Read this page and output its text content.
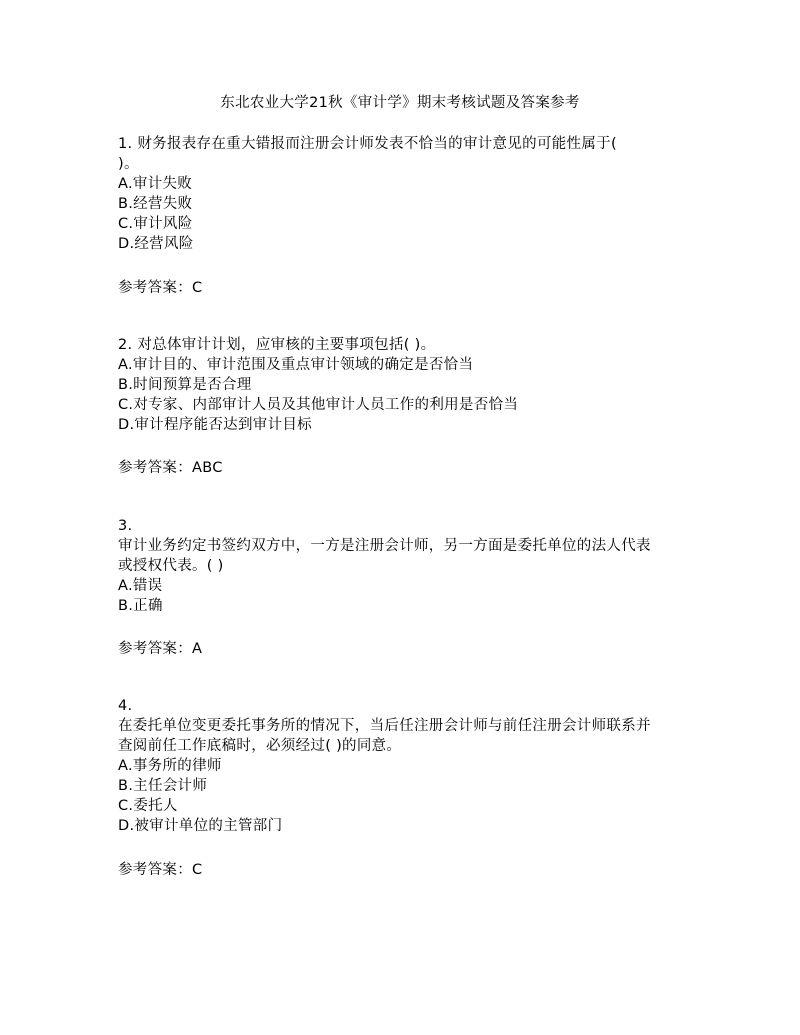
东北农业大学21秋《审计学》期末考核试题及答案参考
1. 财务报表存在重大错报而注册会计师发表不恰当的审计意见的可能性属于(
)。
A.审计失败
B.经营失败
C.审计风险
D.经营风险
参考答案：C
2. 对总体审计计划，应审核的主要事项包括( )。
A.审计目的、审计范围及重点审计领域的确定是否恰当
B.时间预算是否合理
C.对专家、内部审计人员及其他审计人员工作的利用是否恰当
D.审计程序能否达到审计目标
参考答案：ABC
3.
审计业务约定书签约双方中，一方是注册会计师，另一方面是委托单位的法人代表
或授权代表。( )
A.错误
B.正确
参考答案：A
4.
在委托单位变更委托事务所的情况下，当后任注册会计师与前任注册会计师联系并
查阅前任工作底稿时，必须经过( )的同意。
A.事务所的律师
B.主任会计师
C.委托人
D.被审计单位的主管部门
参考答案：C
